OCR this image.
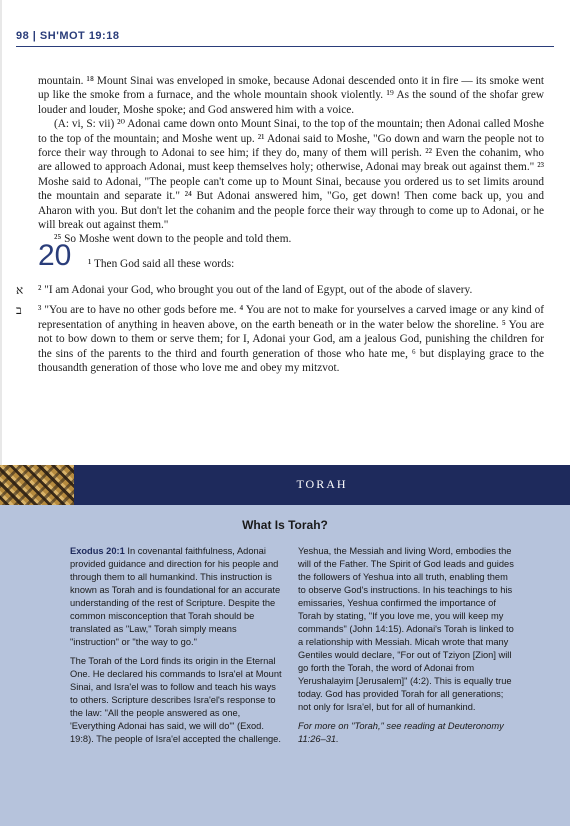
98 | SH'MOT 19:18

mountain. ¹⁸ Mount Sinai was enveloped in smoke, because Adonai descended onto it in fire — its smoke went up like the smoke from a furnace, and the whole mountain shook violently. ¹⁹ As the sound of the shofar grew louder and louder, Moshe spoke; and God answered him with a voice.

(A: vi, S: vii) ²⁰ Adonai came down onto Mount Sinai, to the top of the mountain; then Adonai called Moshe to the top of the mountain; and Moshe went up. ²¹ Adonai said to Moshe, "Go down and warn the people not to force their way through to Adonai to see him; if they do, many of them will perish. ²² Even the cohanim, who are allowed to approach Adonai, must keep themselves holy; otherwise, Adonai may break out against them." ²³ Moshe said to Adonai, "The people can't come up to Mount Sinai, because you ordered us to set limits around the mountain and separate it." ²⁴ But Adonai answered him, "Go, get down! Then come back up, you and Aharon with you. But don't let the cohanim and the people force their way through to come up to Adonai, or he will break out against them."

²⁵ So Moshe went down to the people and told them.

20 ¹ Then God said all these words:
א ² "I am Adonai your God, who brought you out of the land of Egypt, out of the abode of slavery.

ב ³ "You are to have no other gods before me. ⁴ You are not to make for yourselves a carved image or any kind of representation of anything in heaven above, on the earth beneath or in the water below the shoreline. ⁵ You are not to bow down to them or serve them; for I, Adonai your God, am a jealous God, punishing the children for the sins of the parents to the third and fourth generation of those who hate me, ⁶ but displaying grace to the thousandth generation of those who love me and obey my mitzvot.

TORAH
What Is Torah?

Exodus 20:1 In covenantal faithfulness, Adonai provided guidance and direction for his people and through them to all humankind. This instruction is known as Torah and is foundational for an accurate understanding of the rest of Scripture. Despite the common misconception that Torah should be translated as "Law," Torah simply means "instruction" or "the way to go."

The Torah of the Lord finds its origin in the Eternal One. He declared his commands to Isra'el at Mount Sinai, and Isra'el was to follow and teach his ways to others. Scripture describes Isra'el's response to the law: "All the people answered as one, 'Everything Adonai has said, we will do'" (Exod. 19:8). The people of Isra'el accepted the challenge.

Yeshua, the Messiah and living Word, embodies the will of the Father. The Spirit of God leads and guides the followers of Yeshua into all truth, enabling them to observe God's instructions. In his teachings to his emissaries, Yeshua confirmed the importance of Torah by stating, "If you love me, you will keep my commands" (John 14:15). Adonai's Torah is linked to a relationship with Messiah. Micah wrote that many Gentiles would declare, "For out of Tziyon [Zion] will go forth the Torah, the word of Adonai from Yerushalayim [Jerusalem]" (4:2). This is equally true today. God has provided Torah for all generations; not only for Isra'el, but for all of humankind.

For more on "Torah," see reading at Deuteronomy 11:26–31.
